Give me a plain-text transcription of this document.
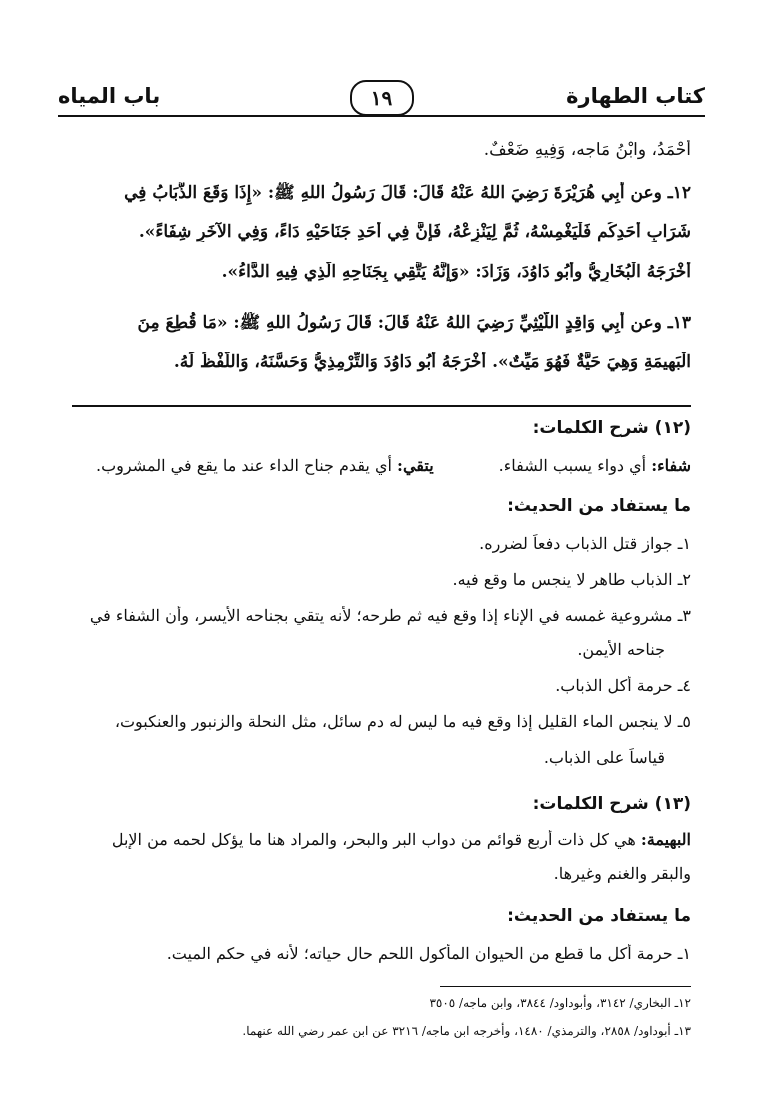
كتاب الطهارة
١٩
باب المياه
أَحْمَدُ، وابْنُ مَاجه، وَفِيهِ ضَعْفٌ.
١٢ـ وعن أَبِي هُرَيْرَةَ رَضِيَ اللهُ عَنْهُ قَالَ: قَالَ رَسُولُ اللهِ ﷺ: «إِذَا وَقَعَ الذُّبَابُ فِي
شَرَابِ أَحَدِكُم فَلْيَغْمِسْهُ، ثُمَّ لِيَنْزِعْهُ، فَإِنَّ فِي أَحَدِ جَنَاحَيْهِ دَاءً، وَفِي الآخَرِ شِفَاءً».
أَخْرَجَهُ الْبُخَارِيُّ وأَبُو دَاوُدَ، وَزَادَ: «وَإِنَّهُ يَتَّقِي بِجَنَاحِهِ الَّذِي فِيهِ الدَّاءُ».
١٣ـ وعن أَبِي وَاقِدٍ اللَّيْثِيِّ رَضِيَ اللهُ عَنْهُ قَالَ: قَالَ رَسُولُ اللهِ ﷺ: «مَا قُطِعَ مِنَ
الْبَهِيمَةِ وَهِيَ حَيَّةٌ فَهُوَ مَيِّتٌ». أَخْرَجَهُ أَبُو دَاوُدَ وَالتِّرْمِذِيُّ وَحَسَّنَهُ، وَاللَّفْظُ لَهُ.
(١٢) شرح الكلمات:
شفاء: أي دواء يسبب الشفاء.
يتقي: أي يقدم جناح الداء عند ما يقع في المشروب.
ما يستفاد من الحديث:
١ـ جواز قتل الذباب دفعاً لضرره.
٢ـ الذباب طاهر لا ينجس ما وقع فيه.
٣ـ مشروعية غمسه في الإناء إذا وقع فيه ثم طرحه؛ لأنه يتقي بجناحه الأيسر، وأن الشفاء في
جناحه الأيمن.
٤ـ حرمة أكل الذباب.
٥ـ لا ينجس الماء القليل إذا وقع فيه ما ليس له دم سائل، مثل النحلة والزنبور والعنكبوت،
قياساً على الذباب.
(١٣) شرح الكلمات:
البهيمة: هي كل ذات أربع قوائم من دواب البر والبحر، والمراد هنا ما يؤكل لحمه من الإبل
والبقر والغنم وغيرها.
ما يستفاد من الحديث:
١ـ حرمة أكل ما قطع من الحيوان المأكول اللحم حال حياته؛ لأنه في حكم الميت.
١٢ـ البخاري/ ٣١٤٢، وأبوداود/ ٣٨٤٤، وابن ماجه/ ٣٥٠٥
١٣ـ أبوداود/ ٢٨٥٨، والترمذي/ ١٤٨٠، وأخرجه ابن ماجه/ ٣٢١٦ عن ابن عمر رضي الله عنهما.
